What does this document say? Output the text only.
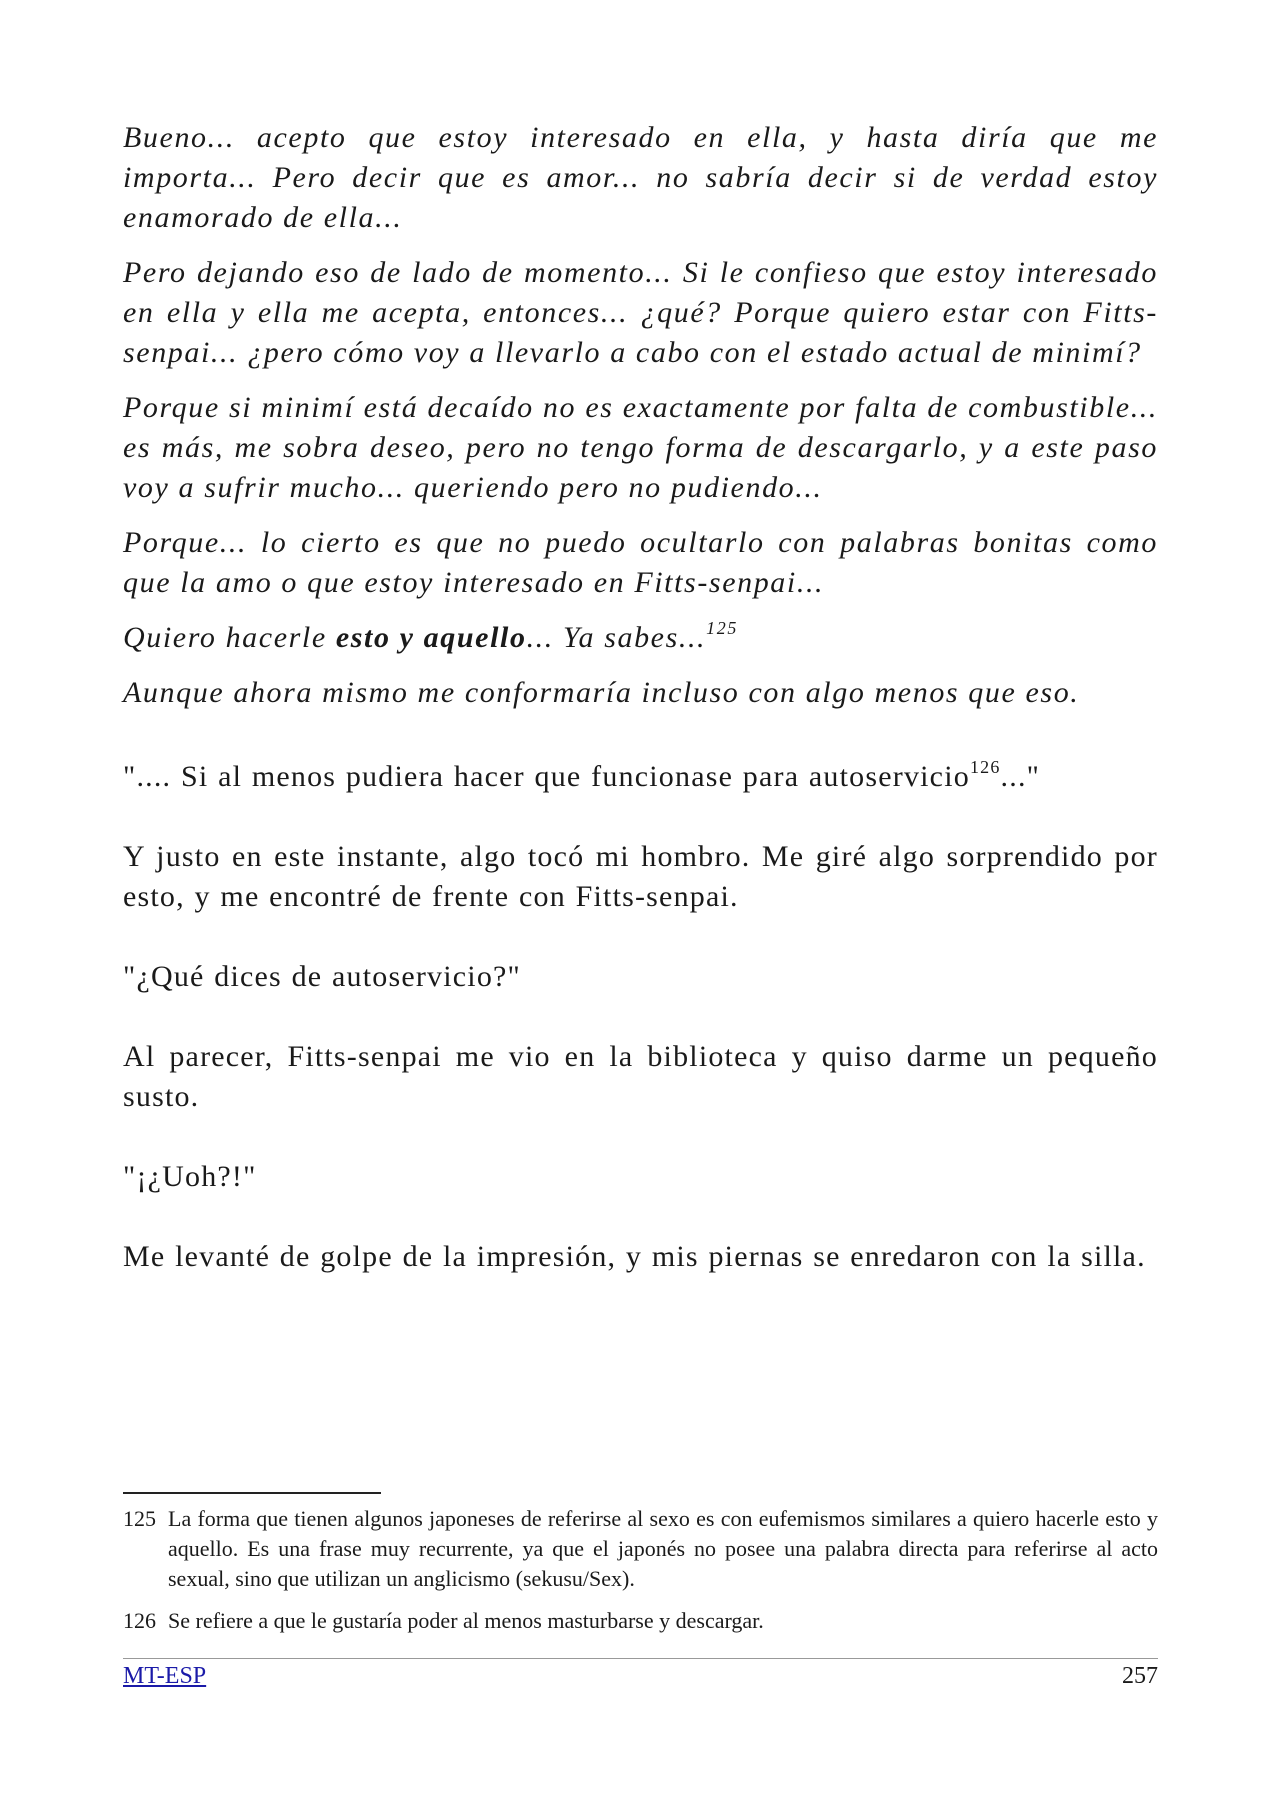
Bueno... acepto que estoy interesado en ella, y hasta diría que me importa... Pero decir que es amor... no sabría decir si de verdad estoy enamorado de ella...

Pero dejando eso de lado de momento... Si le confieso que estoy interesado en ella y ella me acepta, entonces... ¿qué? Porque quiero estar con Fitts-senpai... ¿pero cómo voy a llevarlo a cabo con el estado actual de minimí?

Porque si minimí está decaído no es exactamente por falta de combustible... es más, me sobra deseo, pero no tengo forma de descargarlo, y a este paso voy a sufrir mucho... queriendo pero no pudiendo...

Porque... lo cierto es que no puedo ocultarlo con palabras bonitas como que la amo o que estoy interesado en Fitts-senpai...

Quiero hacerle esto y aquello... Ya sabes...$^{125}$

Aunque ahora mismo me conformaría incluso con algo menos que eso.

".... Si al menos pudiera hacer que funcionase para autoservicio$^{126}$..."

Y justo en este instante, algo tocó mi hombro. Me giré algo sorprendido por esto, y me encontré de frente con Fitts-senpai.

"¿Qué dices de autoservicio?"

Al parecer, Fitts-senpai me vio en la biblioteca y quiso darme un pequeño susto.

"¡¿Uoh?!"

Me levanté de golpe de la impresión, y mis piernas se enredaron con la silla.

125 La forma que tienen algunos japoneses de referirse al sexo es con eufemismos similares a quiero hacerle esto y aquello. Es una frase muy recurrente, ya que el japonés no posee una palabra directa para referirse al acto sexual, sino que utilizan un anglicismo (sekusu/Sex).

126 Se refiere a que le gustaría poder al menos masturbarse y descargar.

MT-ESP	257
